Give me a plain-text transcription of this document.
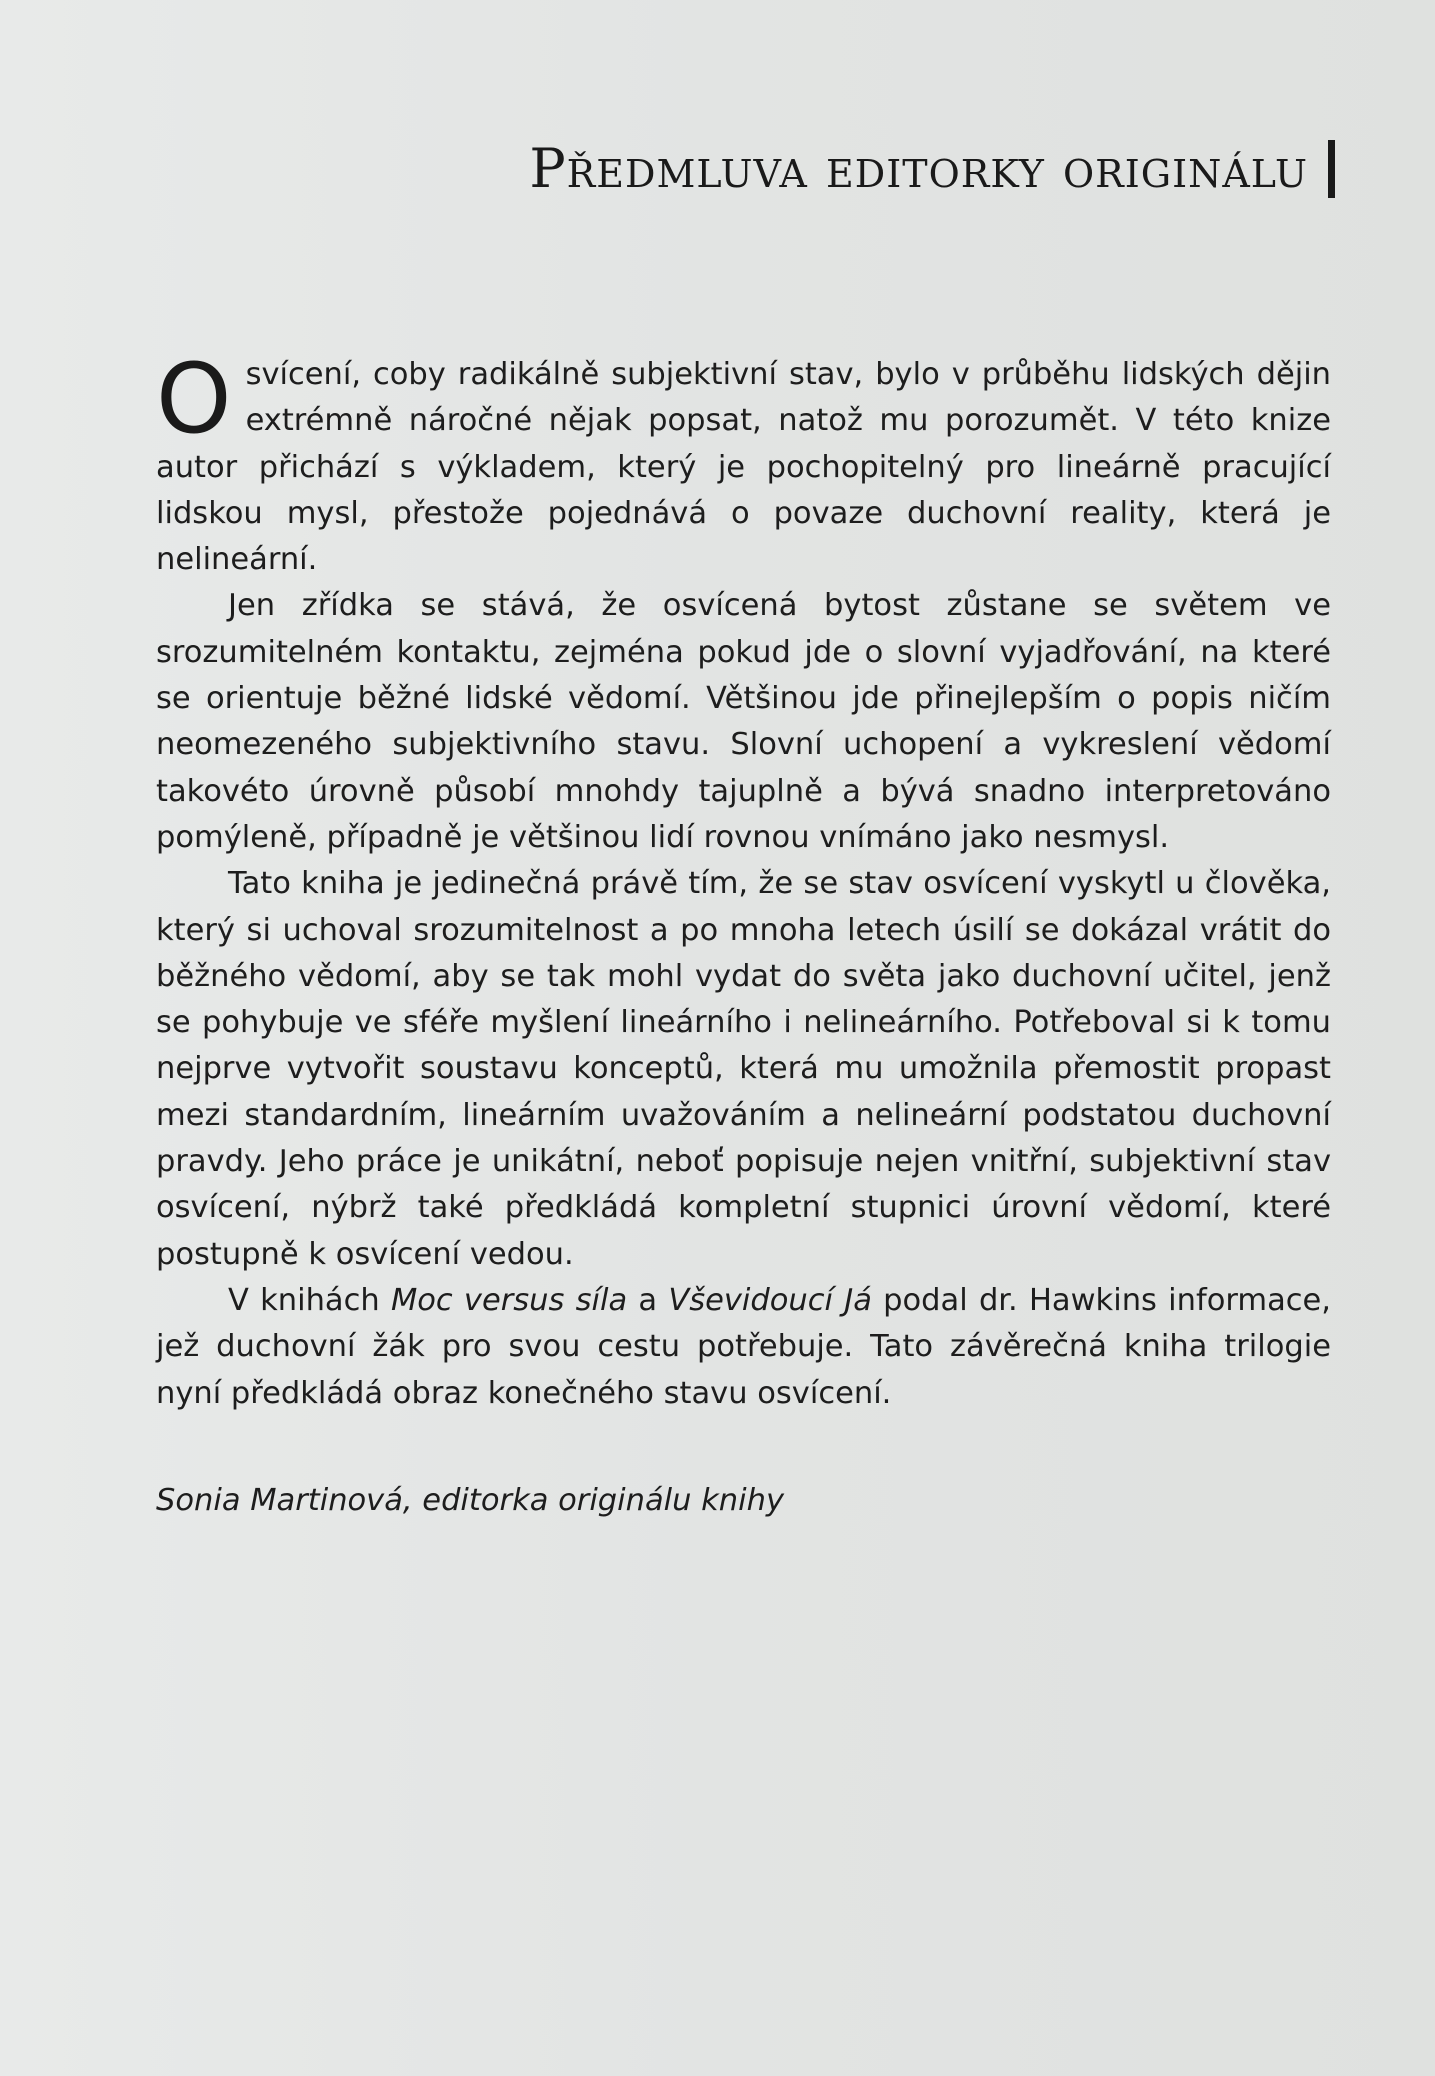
Předmluva editorky originálu

Osvícení, coby radikálně subjektivní stav, bylo v průběhu lidských dějin extrémně náročné nějak popsat, natož mu porozumět. V této knize autor přichází s výkladem, který je pochopitelný pro lineárně pracující lidskou mysl, přestože pojednává o povaze duchovní reality, která je nelineární.

Jen zřídka se stává, že osvícená bytost zůstane se světem ve srozumitelném kontaktu, zejména pokud jde o slovní vyjadřování, na které se orientuje běžné lidské vědomí. Většinou jde přinejlepším o popis ničím neomezeného subjektivního stavu. Slovní uchopení a vykreslení vědomí takovéto úrovně působí mnohdy tajuplně a bývá snadno interpretováno pomýleně, případně je většinou lidí rovnou vnímáno jako nesmysl.

Tato kniha je jedinečná právě tím, že se stav osvícení vyskytl u člověka, který si uchoval srozumitelnost a po mnoha letech úsilí se dokázal vrátit do běžného vědomí, aby se tak mohl vydat do světa jako duchovní učitel, jenž se pohybuje ve sféře myšlení lineárního i nelineárního. Potřeboval si k tomu nejprve vytvořit soustavu konceptů, která mu umožnila přemostit propast mezi standardním, lineárním uvažováním a nelineární podstatou duchovní pravdy. Jeho práce je unikátní, neboť popisuje nejen vnitřní, subjektivní stav osvícení, nýbrž také předkládá kompletní stupnici úrovní vědomí, které postupně k osvícení vedou.

V knihách Moc versus síla a Vševidoucí Já podal dr. Hawkins informace, jež duchovní žák pro svou cestu potřebuje. Tato závěrečná kniha trilogie nyní předkládá obraz konečného stavu osvícení.

Sonia Martinová, editorka originálu knihy
